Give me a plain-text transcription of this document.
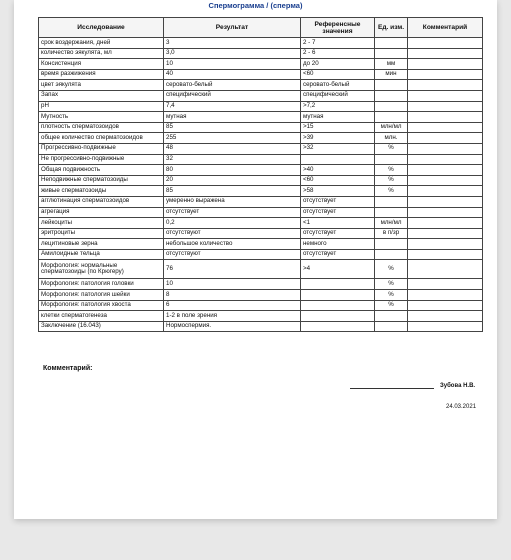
Спермограмма / (сперма)
Исследование	Результат	Референсные значения	Ед. изм.	Комментарий
срок воздержания, дней	3	2 - 7		
количество эякулята, мл	3,0	2 - 6		
Консистенция	10	до 20	мм	
время разжижения	40	<60	мин	
цвет эякулята	серовато-белый	серовато-белый		
Запах	специфический	специфический		
pH	7,4	>7,2		
Мутность	мутная	мутная		
плотность сперматозоидов	85	>15	млн/мл	
общее количество сперматозоидов	255	>39	млн.	
Прогрессивно-подвижные	48	>32	%	
Не прогрессивно-подвижные	32			
Общая подвижность	80	>40	%	
Неподвижные сперматозоиды	20	<60	%	
живые сперматозоиды	85	>58	%	
агглютинация сперматозоидов	умеренно выражена	отсутствует		
агрегация	отсутствует	отсутствует		
лейкоциты	0,2	<1	млн/мл	
эритроциты	отсутствуют	отсутствует	в п/зр	
лецитиновые зерна	небольшое количество	немного		
Амилоидные тельца	отсутствуют	отсутствует		
Морфология: нормальные сперматозоиды (по Крюгеру)	76	>4	%	
Морфология: патология головки	10		%	
Морфология: патология шейки	8		%	
Морфология: патология хвоста	6		%	
клетки сперматогенеза	1-2 в поле зрения			
Заключение (16.043)	Нормоспермия.			
Комментарий:
Зубова Н.В.
24.03.2021
